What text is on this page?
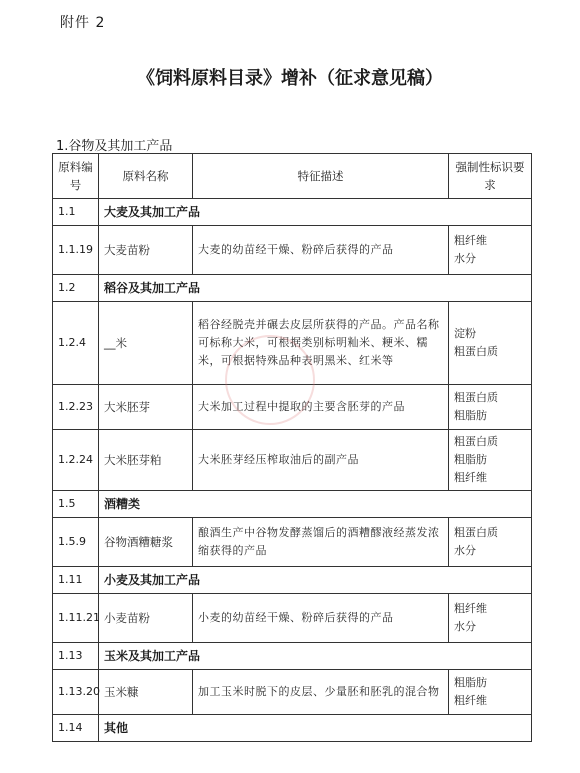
附件 2
《饲料原料目录》增补（征求意见稿）
1.谷物及其加工产品
原料编号	原料名称	特征描述	强制性标识要求
1.1	大麦及其加工产品		
1.1.19	大麦苗粉	大麦的幼苗经干燥、粉碎后获得的产品	粗纤维
水分

1.2	稻谷及其加工产品		
1.2.4	__米	稻谷经脱壳并碾去皮层所获得的产品。产品名称可标称大米，可根据类别标明籼米、粳米、糯米，可根据特殊品种表明黑米、红米等	淀粉
粗蛋白质

1.2.23	大米胚芽	大米加工过程中提取的主要含胚芽的产品	粗蛋白质
粗脂肪

1.2.24	大米胚芽粕	大米胚芽经压榨取油后的副产品	粗蛋白质
粗脂肪
粗纤维

1.5	酒糟类		
1.5.9	谷物酒糟糖浆	酿酒生产中谷物发酵蒸馏后的酒糟醪液经蒸发浓缩获得的产品	粗蛋白质
水分

1.11	小麦及其加工产品		
1.11.21	小麦苗粉	小麦的幼苗经干燥、粉碎后获得的产品	粗纤维
水分

1.13	玉米及其加工产品		
1.13.20	玉米糠	加工玉米时脱下的皮层、少量胚和胚乳的混合物	粗脂肪
粗纤维

1.14	其他		
